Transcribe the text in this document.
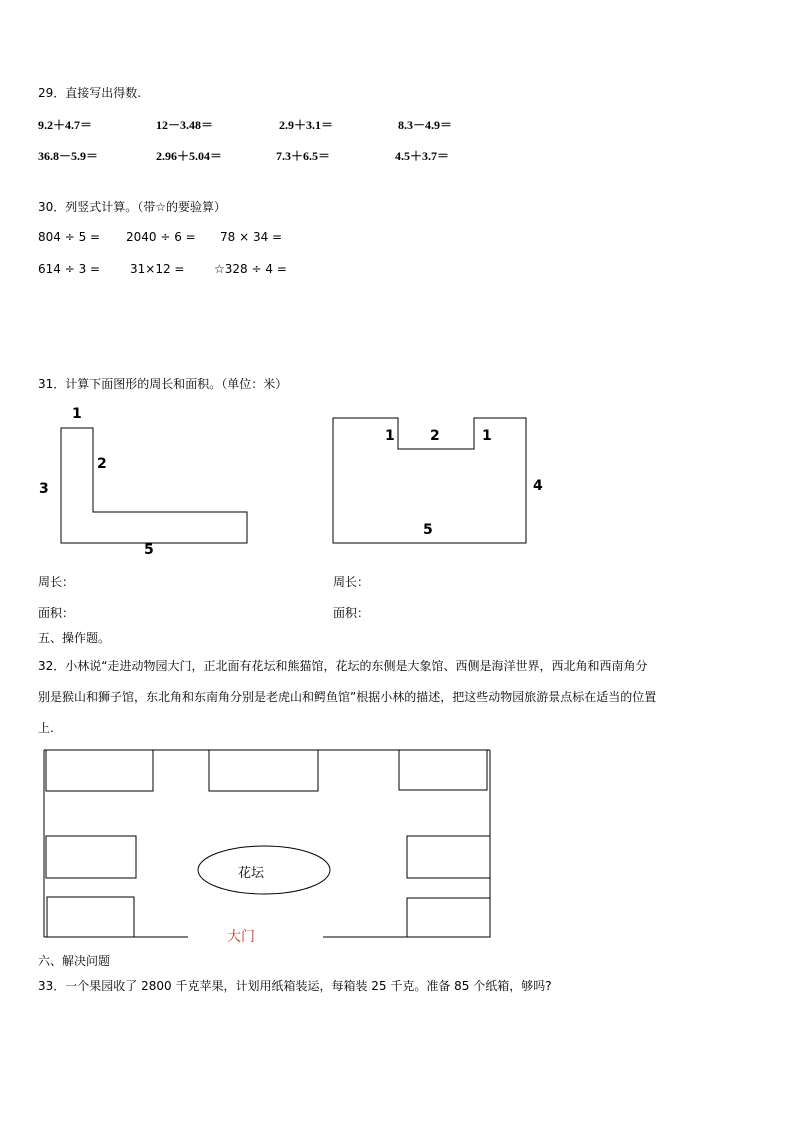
29．直接写出得数.
9.2＋4.7＝	12－3.48＝	2.9＋3.1＝	8.3－4.9＝
36.8－5.9＝	2.96＋5.04＝	7.3＋6.5＝	4.5＋3.7＝
30．列竖式计算。（带☆的要验算）
804 ÷ 5 = 2040 ÷ 6 = 78 × 34 =
614 ÷ 3 = 31×12 = ☆328 ÷ 4 =
31．计算下面图形的周长和面积。（单位：米）
1
2
3
5
1	2	1
4
5
周长：	周长：
面积：	面积：
五、操作题。
32．小林说“走进动物园大门，正北面有花坛和熊猫馆，花坛的东侧是大象馆、西侧是海洋世界，西北角和西南角分
别是猴山和狮子馆，东北角和东南角分别是老虎山和鳄鱼馆”根据小林的描述，把这些动物园旅游景点标在适当的位置
上.
花坛
大门
六、解决问题
33．一个果园收了 2800 千克苹果，计划用纸箱装运，每箱装 25 千克。准备 85 个纸箱，够吗?
